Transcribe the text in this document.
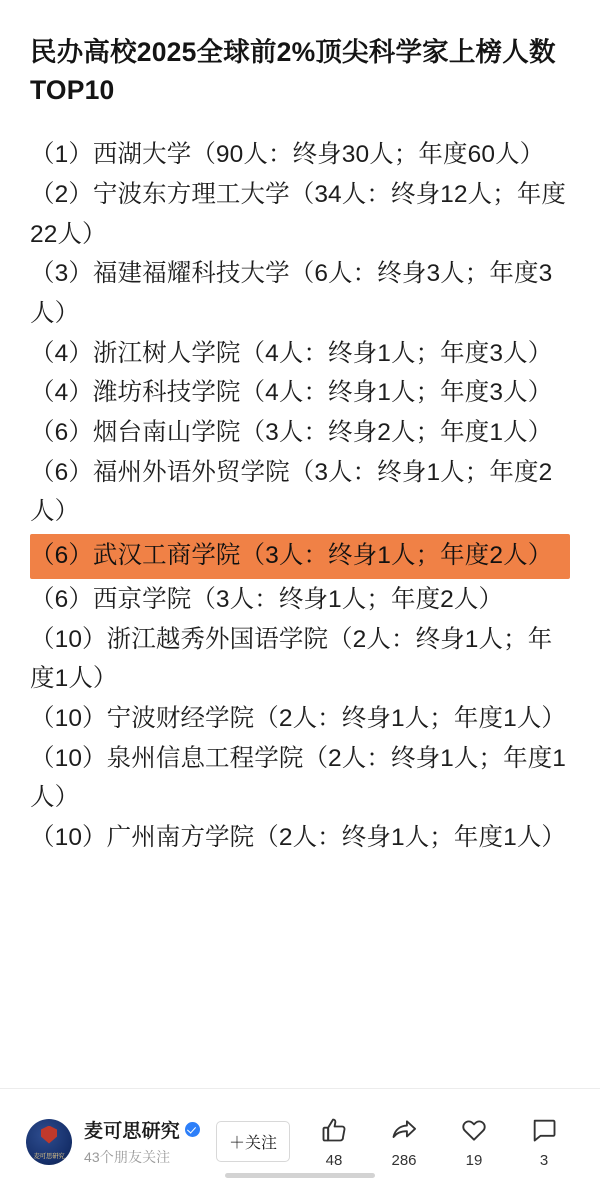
民办高校2025全球前2%顶尖科学家上榜人数TOP10

（1）西湖大学（90人：终身30人；年度60人）

（2）宁波东方理工大学（34人：终身12人；年度22人）

（3）福建福耀科技大学（6人：终身3人；年度3人）

（4）浙江树人学院（4人：终身1人；年度3人）

（4）潍坊科技学院（4人：终身1人；年度3人）

（6）烟台南山学院（3人：终身2人；年度1人）

（6）福州外语外贸学院（3人：终身1人；年度2人）

（6）武汉工商学院（3人：终身1人；年度2人）

（6）西京学院（3人：终身1人；年度2人）

（10）浙江越秀外国语学院（2人：终身1人；年度1人）

（10）宁波财经学院（2人：终身1人；年度1人）

（10）泉州信息工程学院（2人：终身1人；年度1人）

（10）广州南方学院（2人：终身1人；年度1人）

麦可思研究
麦可思研究
43个朋友关注
＋关注
48	286	19	3
